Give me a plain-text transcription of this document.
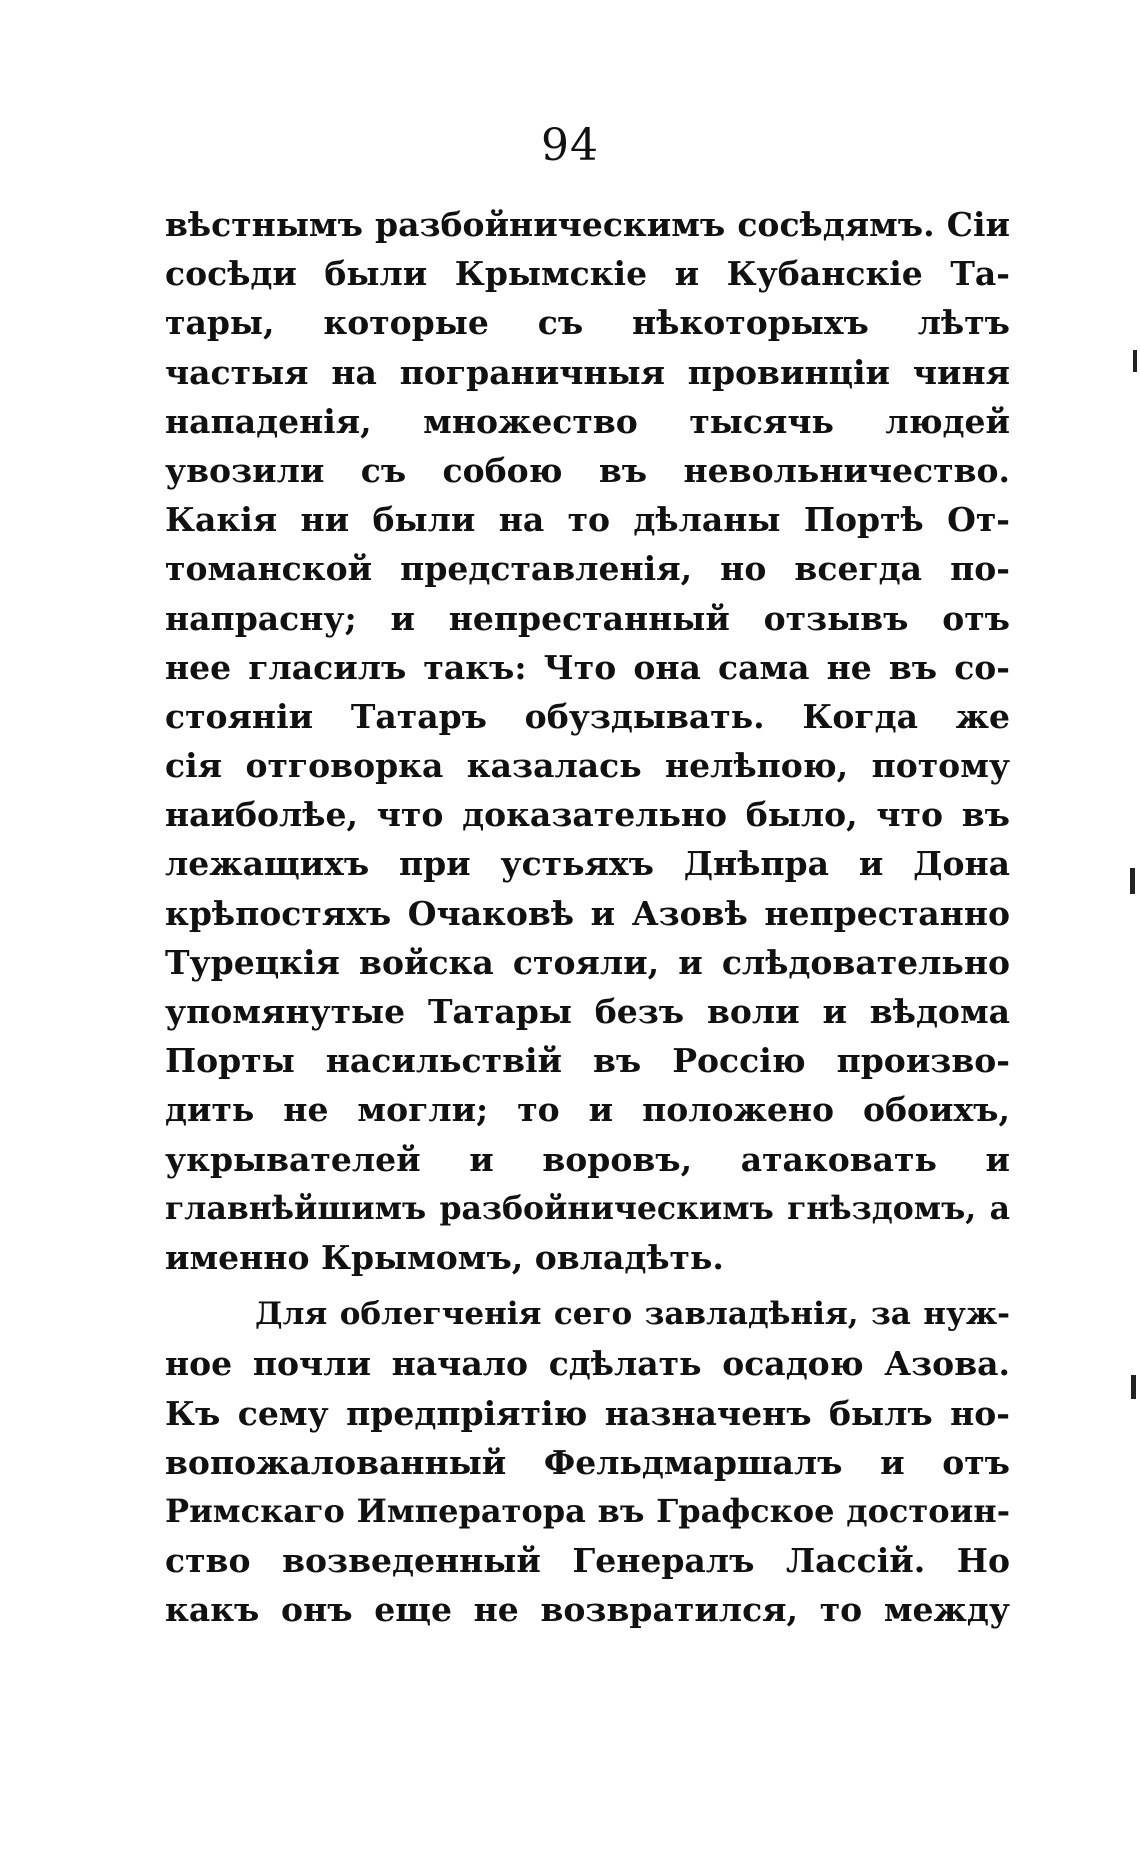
94
вѣстнымъ разбойническимъ сосѣдямъ. Сіи
сосѣди были Крымскіе и Кубанскіе Та-
тары, которые съ нѣкоторыхъ лѣтъ
частыя на пограничныя провинціи чиня
нападенія, множество тысячь людей
увозили съ собою въ невольничество.
Какія ни были на то дѣланы Портѣ От-
томанской представленія, но всегда по-
напрасну; и непрестанный отзывъ отъ
нее гласилъ такъ: Что она сама не въ со-
стояніи Татаръ обуздывать. Когда же
сія отговорка казалась нелѣпою, потому
наиболѣе, что доказательно было, что въ
лежащихъ при устьяхъ Днѣпра и Дона
крѣпостяхъ Очаковѣ и Азовѣ непрестанно
Турецкія войска стояли, и слѣдовательно
упомянутые Татары безъ воли и вѣдома
Порты насильствій въ Россію произво-
дить не могли; то и положено обоихъ,
укрывателей и воровъ, атаковать и
главнѣйшимъ разбойническимъ гнѣздомъ, а
именно Крымомъ, овладѣть.
Для облегченія сего завладѣнія, за нуж-
ное почли начало сдѣлать осадою Азова.
Къ сему предпріятію назначенъ былъ но-
вопожалованный Фельдмаршалъ и отъ
Римскаго Императора въ Графское достоин-
ство возведенный Генералъ Лассій. Но
какъ онъ еще не возвратился, то между
